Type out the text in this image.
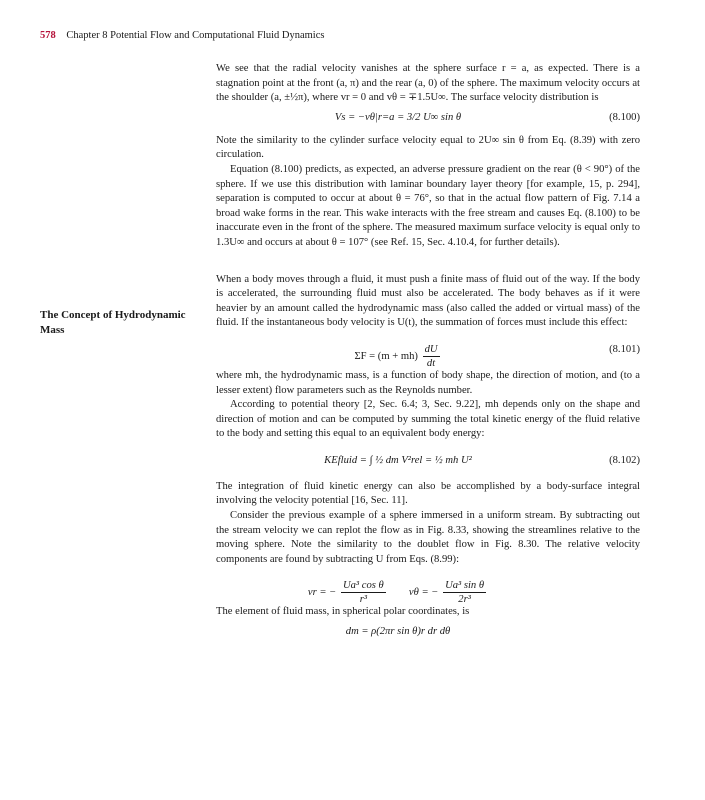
578 Chapter 8 Potential Flow and Computational Fluid Dynamics
The Concept of Hydrodynamic Mass

We see that the radial velocity vanishes at the sphere surface r = a, as expected. There is a stagnation point at the front (a, π) and the rear (a, 0) of the sphere. The maximum velocity occurs at the shoulder (a, ±½π), where vr = 0 and vθ = ∓1.5U∞. The surface velocity distribution is

Vs = −vθ|r=a = 3/2 U∞ sin θ	(8.100)

Note the similarity to the cylinder surface velocity equal to 2U∞ sin θ from Eq. (8.39) with zero circulation.

Equation (8.100) predicts, as expected, an adverse pressure gradient on the rear (θ < 90°) of the sphere. If we use this distribution with laminar boundary layer theory [for example, 15, p. 294], separation is computed to occur at about θ = 76°, so that in the actual flow pattern of Fig. 7.14 a broad wake forms in the rear. This wake interacts with the free stream and causes Eq. (8.100) to be inaccurate even in the front of the sphere. The measured maximum surface velocity is equal only to 1.3U∞ and occurs at about θ = 107° (see Ref. 15, Sec. 4.10.4, for further details).

When a body moves through a fluid, it must push a finite mass of fluid out of the way. If the body is accelerated, the surrounding fluid must also be accelerated. The body behaves as if it were heavier by an amount called the hydrodynamic mass (also called the added or virtual mass) of the fluid. If the instantaneous body velocity is U(t), the summation of forces must include this effect:

$\Sigma F = (m + mh) \frac{dU}{dt}$	(8.101)

where mh, the hydrodynamic mass, is a function of body shape, the direction of motion, and (to a lesser extent) flow parameters such as the Reynolds number.

According to potential theory [2, Sec. 6.4; 3, Sec. 9.22], mh depends only on the shape and direction of motion and can be computed by summing the total kinetic energy of the fluid relative to the body and setting this equal to an equivalent body energy:

KEfluid = ∫ ½ dm V²rel = ½ mh U²	(8.102)

The integration of fluid kinetic energy can also be accomplished by a body-surface integral involving the velocity potential [16, Sec. 11].

Consider the previous example of a sphere immersed in a uniform stream. By subtracting out the stream velocity we can replot the flow as in Fig. 8.33, showing the streamlines relative to the moving sphere. Note the similarity to the doublet flow in Fig. 8.30. The relative velocity components are found by subtracting U from Eqs. (8.99):

vr = − $\frac{\text{Ua³ cos θ}}{\text{r³}}$ vθ = − $\frac{\text{Ua³ sin θ}}{\text{2r³}}$

The element of fluid mass, in spherical polar coordinates, is

dm = ρ(2πr sin θ)r dr dθ
